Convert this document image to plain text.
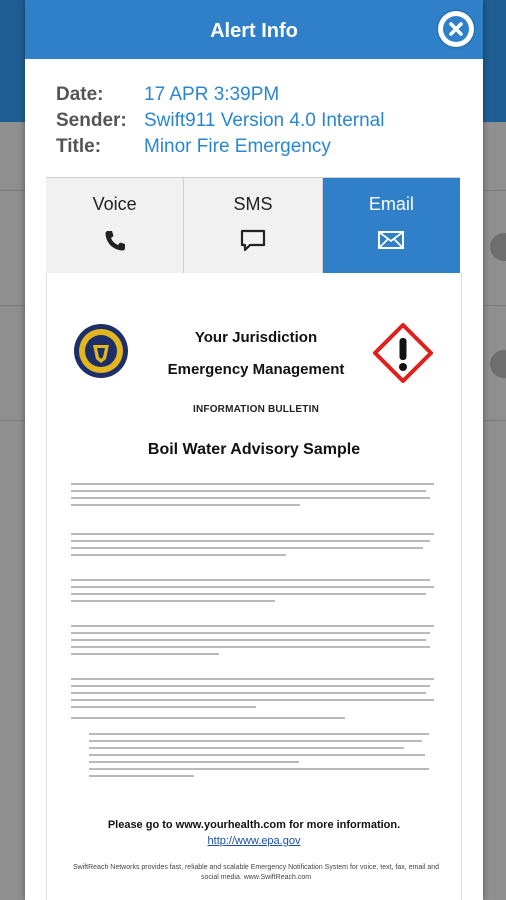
Alert Info
Date:	17 APR 3:39PM
Sender: Swift911 Version 4.0 Internal
Title:	Minor Fire Emergency
Voice	SMS	Email
Your Jurisdiction
Emergency Management
INFORMATION BULLETIN
Boil Water Advisory Sample
Please go to www.yourhealth.com for more information. http://www.epa.gov
SwiftReach Networks provides fast, reliable and scalable Emergency Notification System for voice, text, fax, email and social media. www.SwiftReach.com
